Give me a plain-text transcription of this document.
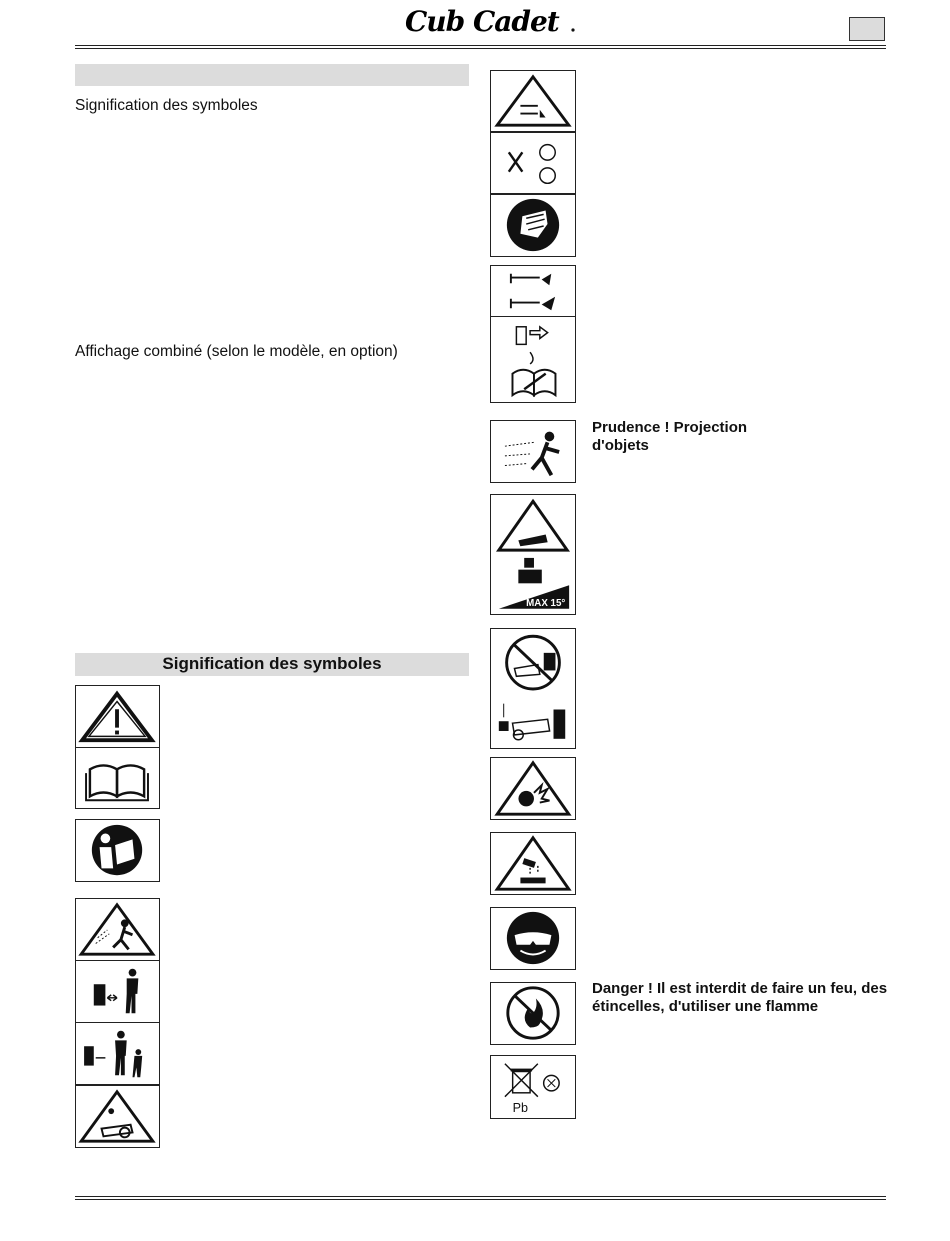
Cub Cadet
Signification des symboles
Affichage combiné (selon le modèle, en option)
Signification des symboles
Prudence ! Projection d'objets
MAX 15°
Danger ! Il est interdit de faire un feu, des étincelles, d'utiliser une flamme
Pb
